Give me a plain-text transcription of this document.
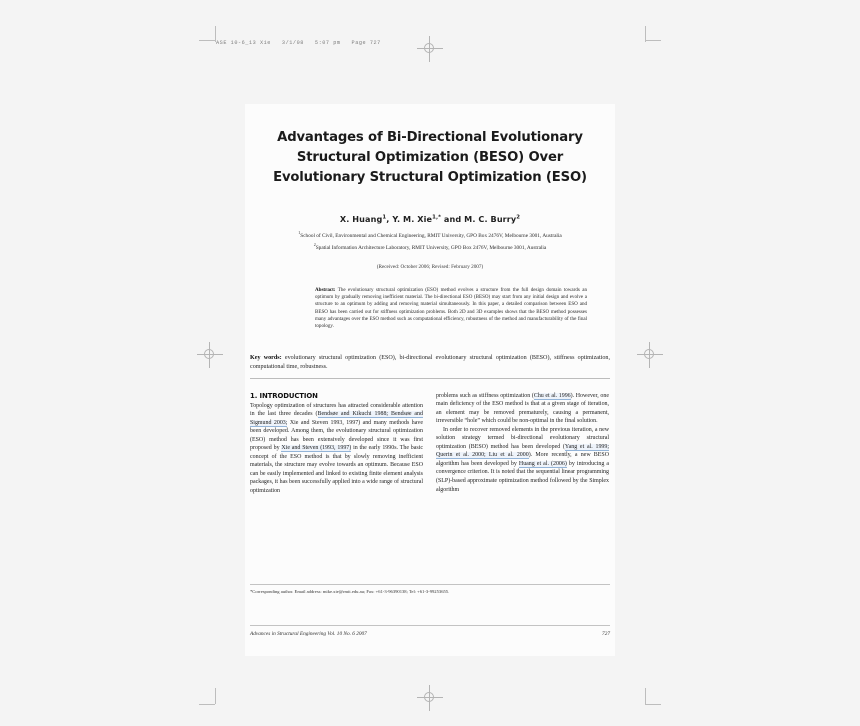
ASE 10-6_13 Xie   3/1/08   5:07 pm   Page 727
Advantages of Bi-Directional Evolutionary Structural Optimization (BESO) Over Evolutionary Structural Optimization (ESO)
X. Huang$^1$, Y. M. Xie$^{1,*}$ and M. C. Burry$^2$
$^1$School of Civil, Environmental and Chemical Engineering, RMIT University, GPO Box 2476V, Melbourne 3001, Australia
$^2$Spatial Information Architecture Laboratory, RMIT University, GPO Box 2476V, Melbourne 3001, Australia
(Received: October 2006; Revised: February 2007)
Abstract: The evolutionary structural optimization (ESO) method evolves a structure from the full design domain towards an optimum by gradually removing inefficient material. The bi-directional ESO (BESO) may start from any initial design and evolve a structure to an optimum by adding and removing material simultaneously. In this paper, a detailed comparison between ESO and BESO has been carried out for stiffness optimization problems. Both 2D and 3D examples shows that the BESO method possesses many advantages over the ESO method such as computational efficiency, robustness of the method and manufacturability of the final topology.
Key words: evolutionary structural optimization (ESO), bi-directional evolutionary structural optimization (BESO), stiffness optimization, computational time, robustness.
1. INTRODUCTION

Topology optimization of structures has attracted considerable attention in the last three decades (Bendsøe and Kikuchi 1988; Bendsøe and Sigmund 2003; Xie and Steven 1993, 1997) and many methods have been developed. Among them, the evolutionary structural optimization (ESO) method has been extensively developed since it was first proposed by Xie and Steven (1993, 1997) in the early 1990s. The basic concept of the ESO method is that by slowly removing inefficient materials, the structure may evolve towards an optimum. Because ESO can be easily implemented and linked to existing finite element analysis packages, it has been successfully applied into a wide range of structural optimization

problems such as stiffness optimization (Chu et al. 1996). However, one main deficiency of the ESO method is that at a given stage of iteration, an element may be removed prematurely, causing a permanent, irreversible “hole” which could be non-optimal in the final solution.

In order to recover removed elements in the previous iteration, a new solution strategy termed bi-directional evolutionary structural optimization (BESO) method has been developed (Yang et al. 1999; Querin et al. 2000; Liu et al. 2000). More recently, a new BESO algorithm has been developed by Huang et al. (2006) by introducing a convergence criterion. It is noted that the sequential linear programming (SLP)-based approximate optimization method followed by the Simplex algorithm

*Corresponding author. Email address: mike.xie@rmit.edu.au; Fax: +61-3-96390138; Tel: +61-3-99253655.
Advances in Structural Engineering Vol. 10 No. 6 2007	727
